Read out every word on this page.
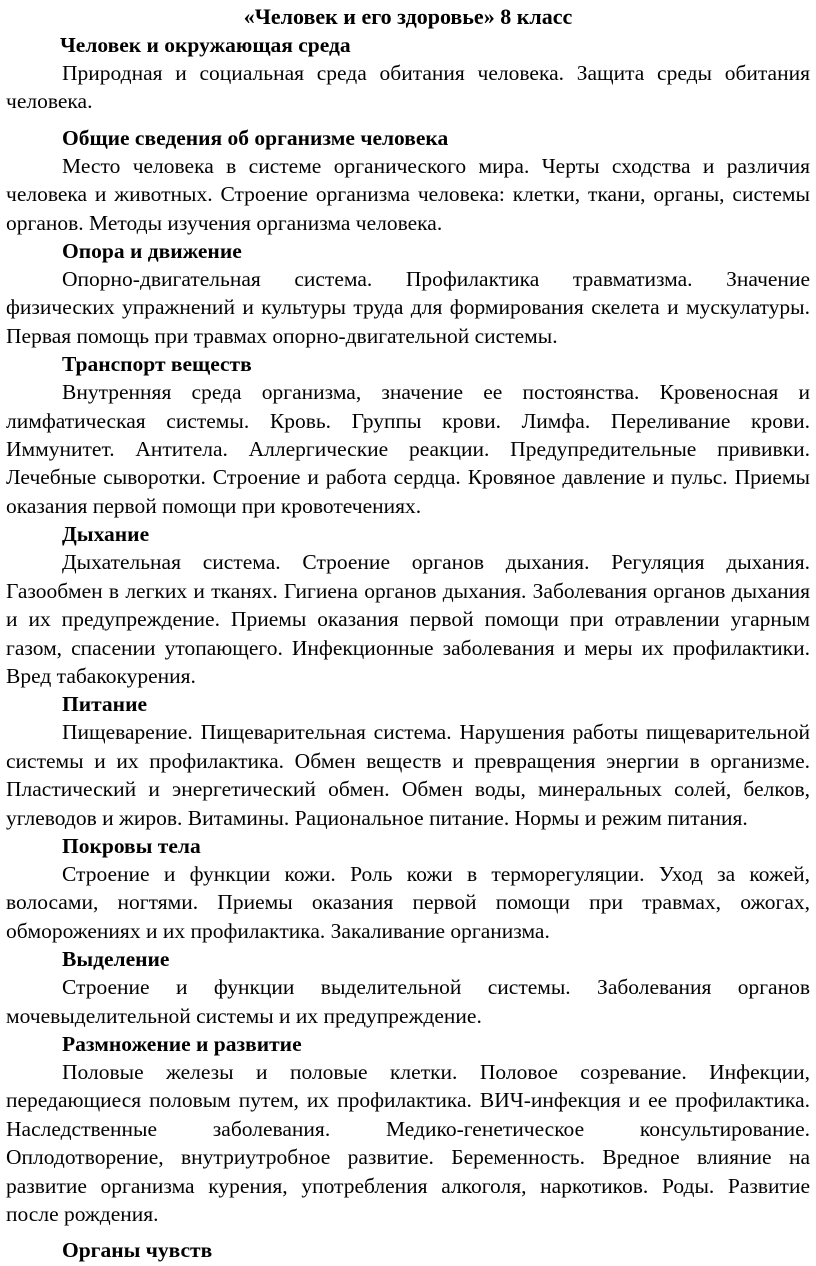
«Человек и его здоровье» 8 класс
Человек и окружающая среда

Природная и социальная среда обитания человека. Защита среды обитания человека.

Общие сведения об организме человека

Место человека в системе органического мира. Черты сходства и различия человека и животных. Строение организма человека: клетки, ткани, органы, системы органов. Методы изучения организма человека.

Опора и движение

Опорно-двигательная система. Профилактика травматизма. Значение физических упражнений и культуры труда для формирования скелета и мускулатуры. Первая помощь при травмах опорно-двигательной системы.

Транспорт веществ

Внутренняя среда организма, значение ее постоянства. Кровеносная и лимфатическая системы. Кровь. Группы крови. Лимфа. Переливание крови. Иммунитет. Антитела. Аллергические реакции. Предупредительные прививки. Лечебные сыворотки. Строение и работа сердца. Кровяное давление и пульс. Приемы оказания первой помощи при кровотечениях.

Дыхание

Дыхательная система. Строение органов дыхания. Регуляция дыхания. Газообмен в легких и тканях. Гигиена органов дыхания. Заболевания органов дыхания и их предупреждение. Приемы оказания первой помощи при отравлении угарным газом, спасении утопающего. Инфекционные заболевания и меры их профилактики. Вред табакокурения.

Питание

Пищеварение. Пищеварительная система. Нарушения работы пищеварительной системы и их профилактика. Обмен веществ и превращения энергии в организме. Пластический и энергетический обмен. Обмен воды, минеральных солей, белков, углеводов и жиров. Витамины. Рациональное питание. Нормы и режим питания.

Покровы тела

Строение и функции кожи. Роль кожи в терморегуляции. Уход за кожей, волосами, ногтями. Приемы оказания первой помощи при травмах, ожогах, обморожениях и их профилактика. Закаливание организма.

Выделение

Строение и функции выделительной системы. Заболевания органов мочевыделительной системы и их предупреждение.

Размножение и развитие

Половые железы и половые клетки. Половое созревание. Инфекции, передающиеся половым путем, их профилактика. ВИЧ-инфекция и ее профилактика. Наследственные заболевания. Медико-генетическое консультирование. Оплодотворение, внутриутробное развитие. Беременность. Вредное влияние на развитие организма курения, употребления алкоголя, наркотиков. Роды. Развитие после рождения.

Органы чувств
